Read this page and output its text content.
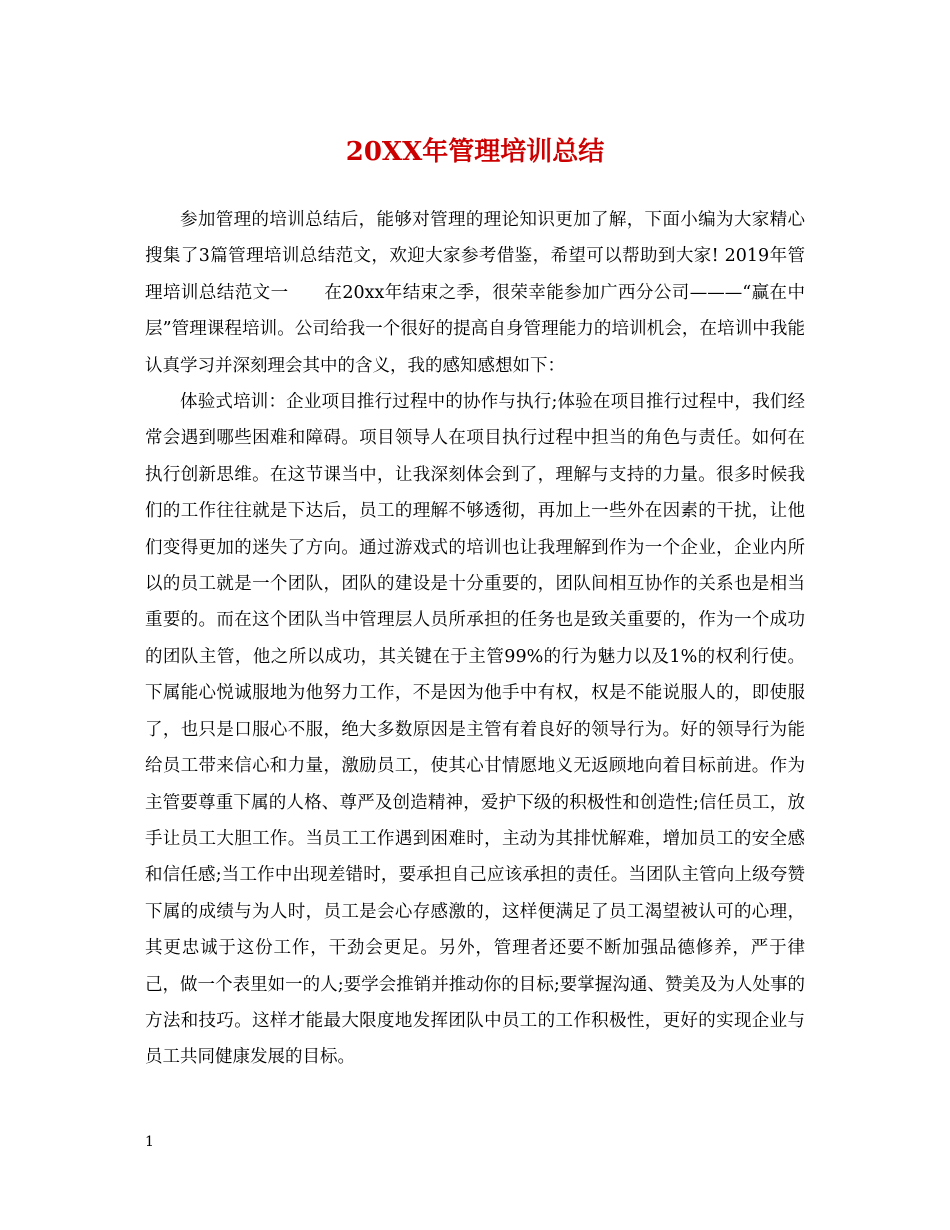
20XX年管理培训总结

参加管理的培训总结后，能够对管理的理论知识更加了解，下面小编为大家精心搜集了3篇管理培训总结范文，欢迎大家参考借鉴，希望可以帮助到大家! 2019年管理培训总结范文一　　在20xx年结束之季，很荣幸能参加广西分公司———“赢在中层”管理课程培训。公司给我一个很好的提高自身管理能力的培训机会，在培训中我能认真学习并深刻理会其中的含义，我的感知感想如下：

体验式培训：企业项目推行过程中的协作与执行;体验在项目推行过程中，我们经常会遇到哪些困难和障碍。项目领导人在项目执行过程中担当的角色与责任。如何在执行创新思维。在这节课当中，让我深刻体会到了，理解与支持的力量。很多时候我们的工作往往就是下达后，员工的理解不够透彻，再加上一些外在因素的干扰，让他们变得更加的迷失了方向。通过游戏式的培训也让我理解到作为一个企业，企业内所以的员工就是一个团队，团队的建设是十分重要的，团队间相互协作的关系也是相当重要的。而在这个团队当中管理层人员所承担的任务也是致关重要的，作为一个成功的团队主管，他之所以成功，其关键在于主管99%的行为魅力以及1%的权利行使。下属能心悦诚服地为他努力工作，不是因为他手中有权，权是不能说服人的，即使服了，也只是口服心不服，绝大多数原因是主管有着良好的领导行为。好的领导行为能给员工带来信心和力量，激励员工，使其心甘情愿地义无返顾地向着目标前进。作为主管要尊重下属的人格、尊严及创造精神，爱护下级的积极性和创造性;信任员工，放手让员工大胆工作。当员工工作遇到困难时，主动为其排忧解难，增加员工的安全感和信任感;当工作中出现差错时，要承担自己应该承担的责任。当团队主管向上级夸赞下属的成绩与为人时，员工是会心存感激的，这样便满足了员工渴望被认可的心理，其更忠诚于这份工作，干劲会更足。另外，管理者还要不断加强品德修养，严于律己，做一个表里如一的人;要学会推销并推动你的目标;要掌握沟通、赞美及为人处事的方法和技巧。这样才能最大限度地发挥团队中员工的工作积极性，更好的实现企业与员工共同健康发展的目标。

1
